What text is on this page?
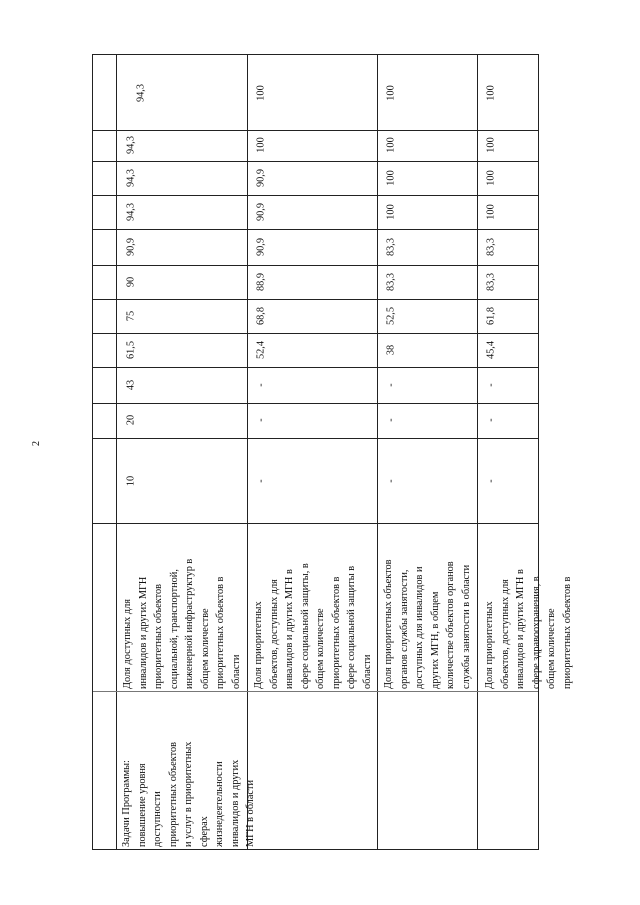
2
Задачи Программы: повышение уровня доступности приоритетных объектов и услуг в приоритетных сферах жизнедеятельности инвалидов и других МГН в области
Доля доступных для инвалидов и других МГН приоритетных объектов социальной, транспортной, инженерной инфраструктур в общем количестве приоритетных объектов в области Доля приоритетных объектов, доступных для инвалидов и других МГН в сфере социальной защиты, в общем количестве приоритетных объектов в сфере социальной защиты в области Доля приоритетных объектов органов службы занятости, доступных для инвалидов и других МГН, в общем количестве объектов органов службы занятости в области Доля приоритетных объектов, доступных для инвалидов и других МГН в сфере здравоохранения, в общем количестве приоритетных объектов в
10
20
43
61,5
75
90
90,9
94,3
94,3
94,3
94,3
-
-
-
52,4
68,8
88,9
90,9
90,9
90,9
100
100
-
-
-
38
52,5
83,3
83,3
100
100
100
100
-
-
-
45,4
61,8
83,3
83,3
100
100
100
100
